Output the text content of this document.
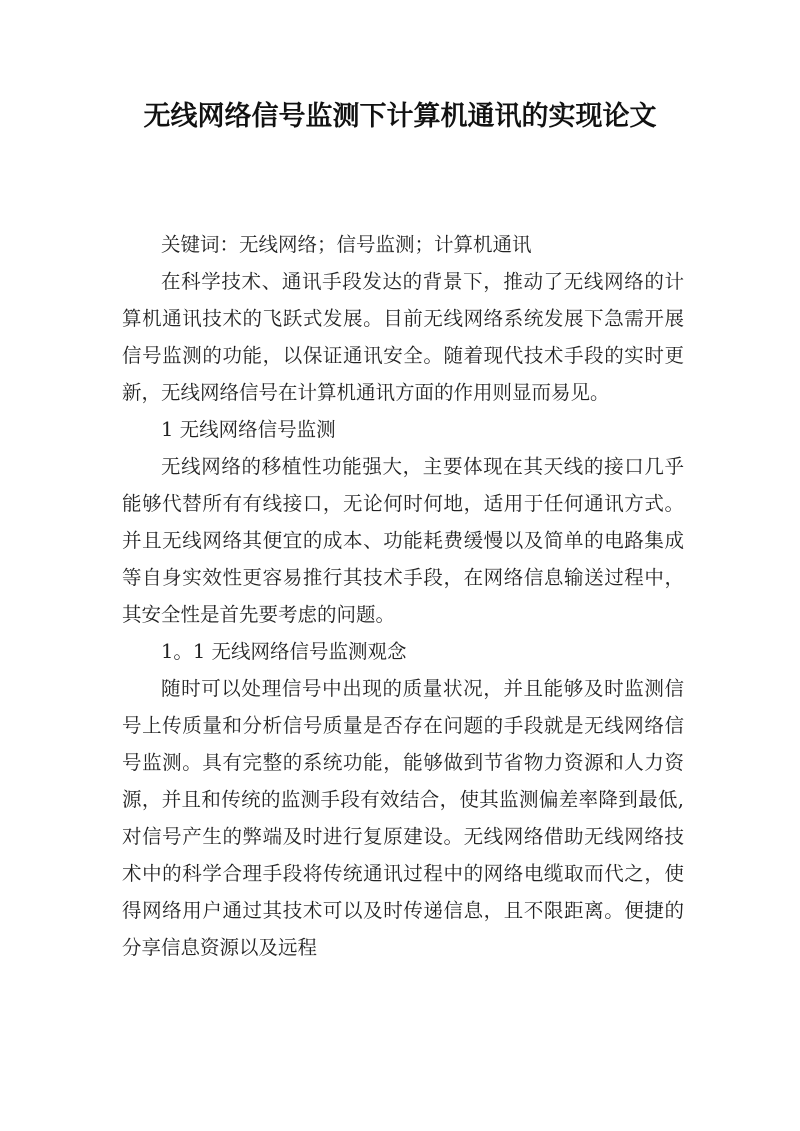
无线网络信号监测下计算机通讯的实现论文

关键词：无线网络；信号监测；计算机通讯

在科学技术、通讯手段发达的背景下，推动了无线网络的计算机通讯技术的飞跃式发展。目前无线网络系统发展下急需开展信号监测的功能，以保证通讯安全。随着现代技术手段的实时更新，无线网络信号在计算机通讯方面的作用则显而易见。

1 无线网络信号监测

无线网络的移植性功能强大，主要体现在其天线的接口几乎能够代替所有有线接口，无论何时何地，适用于任何通讯方式。并且无线网络其便宜的成本、功能耗费缓慢以及简单的电路集成等自身实效性更容易推行其技术手段，在网络信息输送过程中，其安全性是首先要考虑的问题。

1。1 无线网络信号监测观念

随时可以处理信号中出现的质量状况，并且能够及时监测信号上传质量和分析信号质量是否存在问题的手段就是无线网络信号监测。具有完整的系统功能，能够做到节省物力资源和人力资源，并且和传统的监测手段有效结合，使其监测偏差率降到最低,对信号产生的弊端及时进行复原建设。无线网络借助无线网络技术中的科学合理手段将传统通讯过程中的网络电缆取而代之，使得网络用户通过其技术可以及时传递信息，且不限距离。便捷的分享信息资源以及远程
